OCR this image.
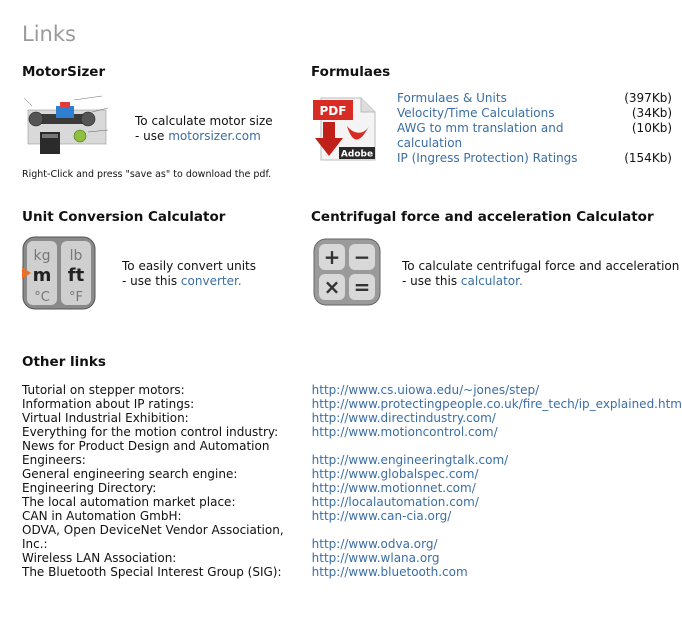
Links
MotorSizer
To calculate motor size
- use motorsizer.com
Right-Click and press "save as" to download the pdf.
Formulaes
PDF
Adobe
Formulaes & Units	(397Kb)
Velocity/Time Calculations	(34Kb)
AWG to mm translation and calculation
(10Kb)
IP (Ingress Protection) Ratings	(154Kb)
Unit Conversion Calculator
kg lb
m ft
°C °F
To easily convert units
- use this converter.
Centrifugal force and acceleration Calculator
+ −
× =
To calculate centrifugal force and acceleration
- use this calculator.
Other links
Tutorial on stepper motors:	http://www.cs.uiowa.edu/~jones/step/
Information about IP ratings:	http://www.protectingpeople.co.uk/fire_tech/ip_explained.htm
Virtual Industrial Exhibition:	http://www.directindustry.com/
Everything for the motion control industry:	http://www.motioncontrol.com/
News for Product Design and Automation Engineers:	http://www.engineeringtalk.com/
General engineering search engine:	http://www.globalspec.com/
Engineering Directory:	http://www.motionnet.com/
The local automation market place:	http://localautomation.com/
CAN in Automation GmbH:	http://www.can-cia.org/
ODVA, Open DeviceNet Vendor Association, Inc.:	http://www.odva.org/
Wireless LAN Association:	http://www.wlana.org
The Bluetooth Special Interest Group (SIG):	http://www.bluetooth.com
